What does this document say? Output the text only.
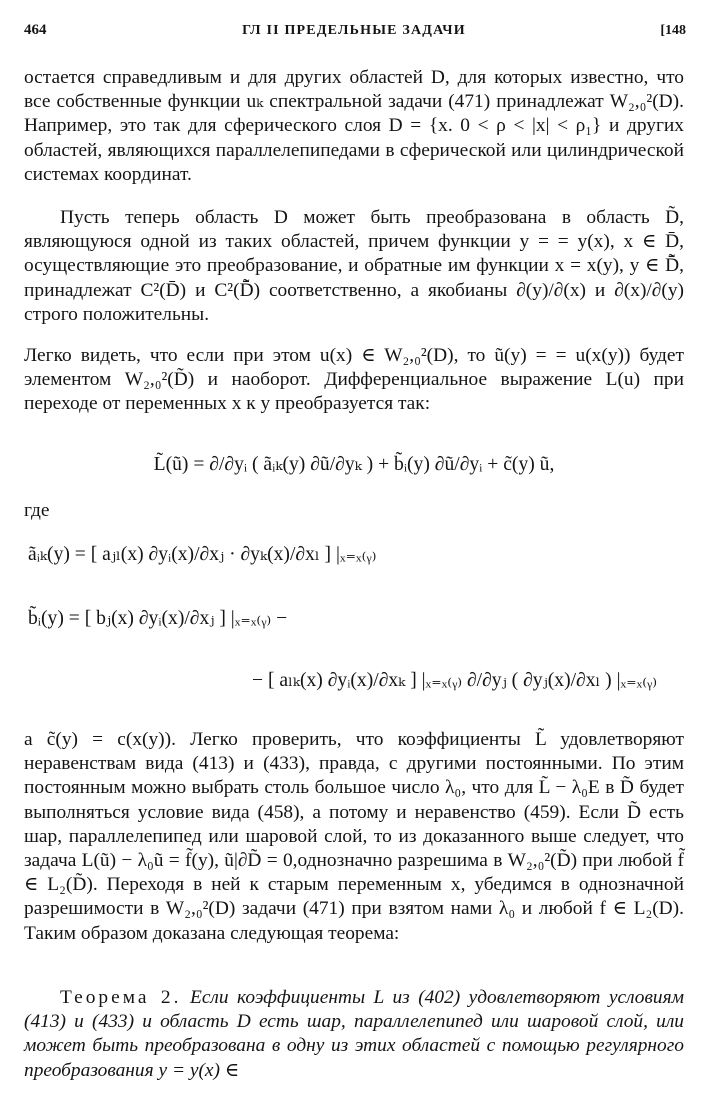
464	ГЛ II ПРЕДЕЛЬНЫЕ ЗАДАЧИ	[148

остается справедливым и для других областей D, для которых известно, что все собственные функции uₖ спектральной задачи (471) принадлежат W₂,₀²(D). Например, это так для сферического слоя D = {x. 0 < ρ < |x| < ρ₁} и других областей, являющихся параллелепипедами в сферической или цилиндрической системах координат.

Пусть теперь область D может быть преобразована в область D̃, являющуюся одной из таких областей, причем функции y = = y(x), x ∈ D̄, осуществляющие это преобразование, и обратные им функции x = x(y), y ∈ D̃̄, принадлежат C²(D̄) и C²(D̃̄) соответственно, а якобианы ∂(y)/∂(x) и ∂(x)/∂(y) строго положительны.

Легко видеть, что если при этом u(x) ∈ W₂,₀²(D), то ũ(y) = = u(x(y)) будет элементом W₂,₀²(D̃) и наоборот. Дифференциальное выражение L(u) при переходе от переменных x к y преобразуется так:

L̃(ũ) = ∂/∂yᵢ ( ãᵢₖ(y) ∂ũ/∂yₖ ) + b̃ᵢ(y) ∂ũ/∂yᵢ + c̃(y) ũ,
где
ãᵢₖ(y) = [ aⱼₗ(x) ∂yᵢ(x)/∂xⱼ · ∂yₖ(x)/∂xₗ ] |ₓ₌ₓ₍ᵧ₎
b̃ᵢ(y) = [ bⱼ(x) ∂yᵢ(x)/∂xⱼ ] |ₓ₌ₓ₍ᵧ₎ −
− [ aₗₖ(x) ∂yᵢ(x)/∂xₖ ] |ₓ₌ₓ₍ᵧ₎ ∂/∂yⱼ ( ∂yⱼ(x)/∂xₗ ) |ₓ₌ₓ₍ᵧ₎

а c̃(y) = c(x(y)). Легко проверить, что коэффициенты L̃ удовлетворяют неравенствам вида (413) и (433), правда, с другими постоянными. По этим постоянным можно выбрать столь большое число λ₀, что для L̃ − λ₀E в D̃ будет выполняться условие вида (458), а потому и неравенство (459). Если D̃ есть шар, параллелепипед или шаровой слой, то из доказанного выше следует, что задача L(ũ) − λ₀ũ = f̃(y), ũ|∂D̃ = 0,однозначно разрешима в W₂,₀²(D̃) при любой f̃ ∈ L₂(D̃). Переходя в ней к старым переменным x, убедимся в однозначной разрешимости в W₂,₀²(D) задачи (471) при взятом нами λ₀ и любой f ∈ L₂(D). Таким образом доказана следующая теорема:

Теорема 2. Если коэффициенты L из (402) удовлетворяют условиям (413) и (433) и область D есть шар, параллелепипед или шаровой слой, или может быть преобразована в одну из этих областей с помощью регулярного преобразования y = y(x) ∈
